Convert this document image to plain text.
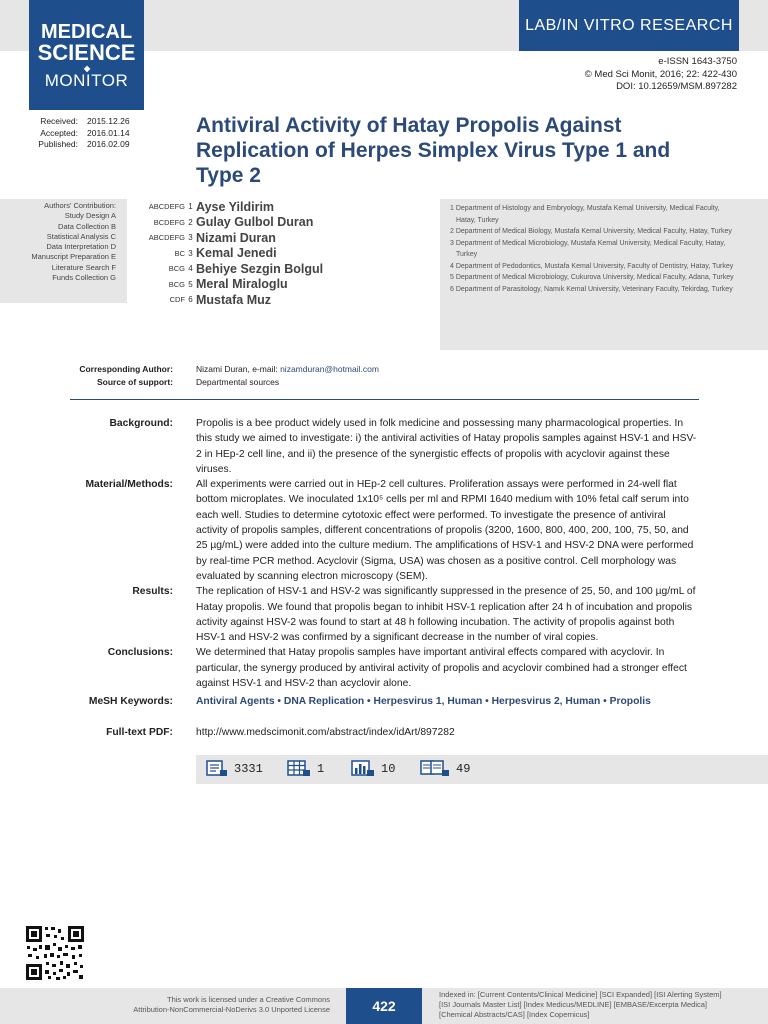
MEDICAL
SCIENCE
◆
MONITOR
LAB/IN VITRO RESEARCH
e-ISSN 1643-3750
© Med Sci Monit, 2016; 22: 422-430
DOI: 10.12659/MSM.897282
Received: 2015.12.26
Accepted: 2016.01.14
Published: 2016.02.09
Antiviral Activity of Hatay Propolis Against Replication of Herpes Simplex Virus Type 1 and Type 2
Authors' Contribution:
Study Design A
Data Collection B
Statistical Analysis C
Data Interpretation D
Manuscript Preparation E
Literature Search F
Funds Collection G
ABCDEFG 1 Ayse Yildirim
BCDEFG 2 Gulay Gulbol Duran
ABCDEFG 3 Nizami Duran
BC 3 Kemal Jenedi
BCG 4 Behiye Sezgin Bolgul
BCG 5 Meral Miraloglu
CDF 6 Mustafa Muz
1 Department of Histology and Embryology, Mustafa Kemal University, Medical Faculty, Hatay, Turkey
2 Department of Medical Biology, Mustafa Kemal University, Medical Faculty, Hatay, Turkey
3 Department of Medical Microbiology, Mustafa Kemal University, Medical Faculty, Hatay, Turkey
4 Department of Pedodontics, Mustafa Kemal University, Faculty of Dentistry, Hatay, Turkey
5 Department of Medical Microbiology, Cukurova University, Medical Faculty, Adana, Turkey
6 Department of Parasitology, Namık Kemal University, Veterinary Faculty, Tekirdag, Turkey
Corresponding Author:	Nizami Duran, e-mail: nizamduran@hotmail.com
Source of support:	Departmental sources
Background: Propolis is a bee product widely used in folk medicine and possessing many pharmacological properties. In this study we aimed to investigate: i) the antiviral activities of Hatay propolis samples against HSV-1 and HSV-2 in HEp-2 cell line, and ii) the presence of the synergistic effects of propolis with acyclovir against these viruses.
Material/Methods: All experiments were carried out in HEp-2 cell cultures. Proliferation assays were performed in 24-well flat bottom microplates. We inoculated 1x10⁵ cells per ml and RPMI 1640 medium with 10% fetal calf serum into each well. Studies to determine cytotoxic effect were performed. To investigate the presence of antiviral activity of propolis samples, different concentrations of propolis (3200, 1600, 800, 400, 200, 100, 75, 50, and 25 µg/mL) were added into the culture medium. The amplifications of HSV-1 and HSV-2 DNA were performed by real-time PCR method. Acyclovir (Sigma, USA) was chosen as a positive control. Cell morphology was evaluated by scanning electron microscopy (SEM).
Results: The replication of HSV-1 and HSV-2 was significantly suppressed in the presence of 25, 50, and 100 µg/mL of Hatay propolis. We found that propolis began to inhibit HSV-1 replication after 24 h of incubation and propolis activity against HSV-2 was found to start at 48 h following incubation. The activity of propolis against both HSV-1 and HSV-2 was confirmed by a significant decrease in the number of viral copies.
Conclusions: We determined that Hatay propolis samples have important antiviral effects compared with acyclovir. In particular, the synergy produced by antiviral activity of propolis and acyclovir combined had a stronger effect against HSV-1 and HSV-2 than acyclovir alone.
MeSH Keywords: Antiviral Agents • DNA Replication • Herpesvirus 1, Human • Herpesvirus 2, Human • Propolis
Full-text PDF: http://www.medscimonit.com/abstract/index/idArt/897282
3331	1	10	49
This work is licensed under a Creative Commons
Attribution-NonCommercial-NoDerivs 3.0 Unported License	422
Indexed in: [Current Contents/Clinical Medicine] [SCI Expanded] [ISI Alerting System]
[ISI Journals Master List] [Index Medicus/MEDLINE] [EMBASE/Excerpta Medica]
[Chemical Abstracts/CAS] [Index Copernicus]
